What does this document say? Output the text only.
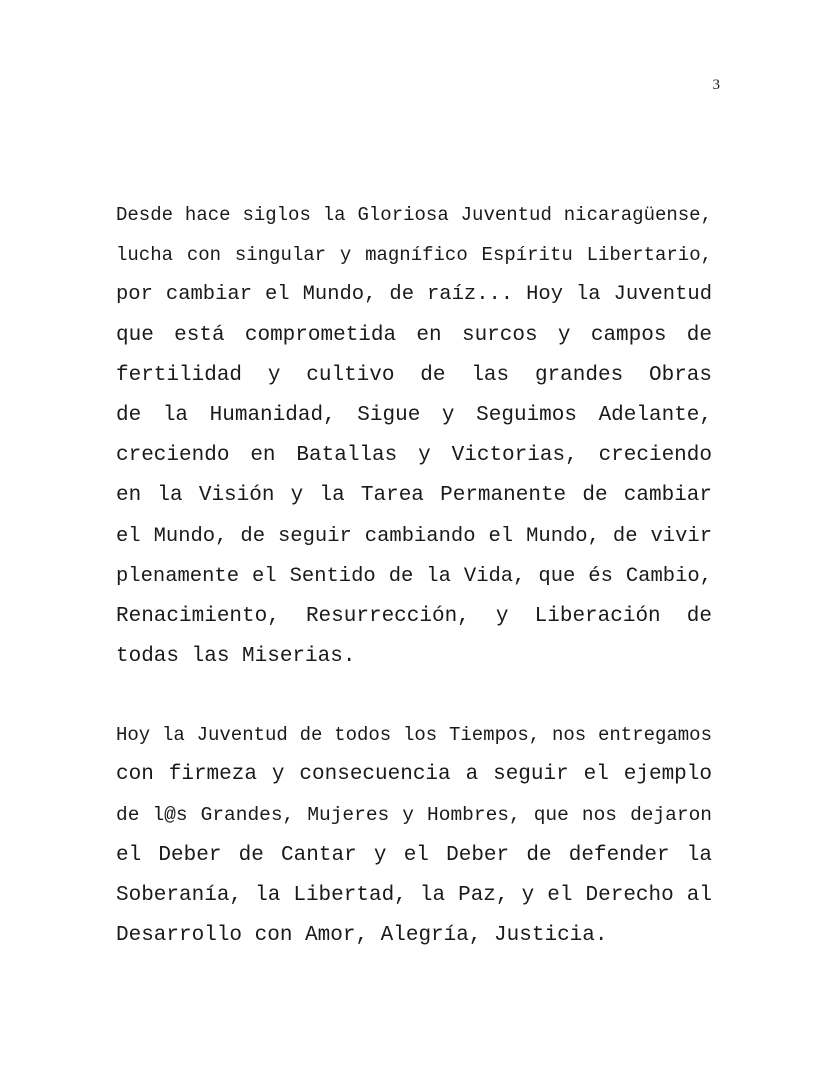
3
Desde hace siglos la Gloriosa Juventud nicaragüense,
lucha con singular y magnífico Espíritu Libertario,
por cambiar el Mundo, de raíz... Hoy la Juventud
que está comprometida en surcos y campos de
fertilidad y cultivo de las grandes Obras
de la Humanidad, Sigue y Seguimos Adelante,
creciendo en Batallas y Victorias, creciendo
en la Visión y la Tarea Permanente de cambiar
el Mundo, de seguir cambiando el Mundo, de vivir
plenamente el Sentido de la Vida, que és Cambio,
Renacimiento, Resurrección, y Liberación de
todas las Miserias.
Hoy la Juventud de todos los Tiempos, nos entregamos
con firmeza y consecuencia a seguir el ejemplo
de l@s Grandes, Mujeres y Hombres, que nos dejaron
el Deber de Cantar y el Deber de defender la
Soberanía, la Libertad, la Paz, y el Derecho al
Desarrollo con Amor, Alegría, Justicia.
